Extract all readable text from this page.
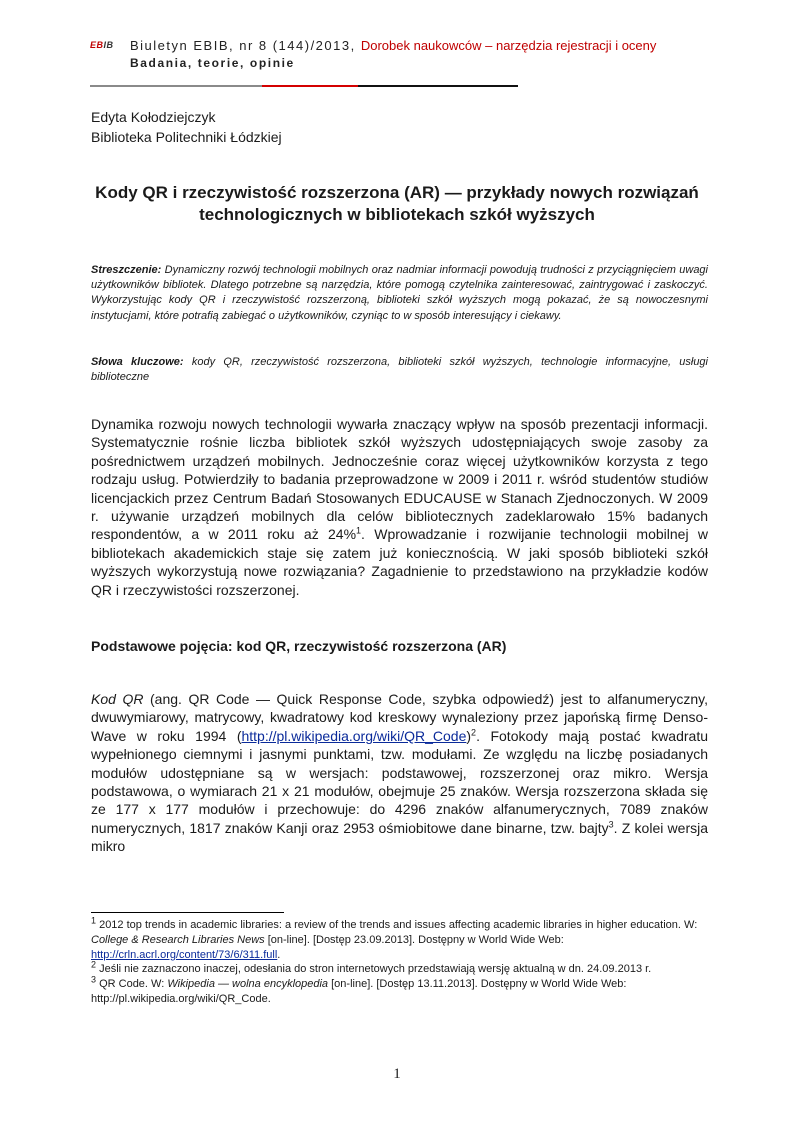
EBIB Biuletyn EBIB, nr 8 (144)/2013, Dorobek naukowców – narzędzia rejestracji i oceny
Badania, teorie, opinie
Edyta Kołodziejczyk
Biblioteka Politechniki Łódzkiej
Kody QR i rzeczywistość rozszerzona (AR) — przykłady nowych rozwiązań technologicznych w bibliotekach szkół wyższych
Streszczenie: Dynamiczny rozwój technologii mobilnych oraz nadmiar informacji powodują trudności z przyciągnięciem uwagi użytkowników bibliotek. Dlatego potrzebne są narzędzia, które pomogą czytelnika zainteresować, zaintrygować i zaskoczyć. Wykorzystując kody QR i rzeczywistość rozszerzoną, biblioteki szkół wyższych mogą pokazać, że są nowoczesnymi instytucjami, które potrafią zabiegać o użytkowników, czyniąc to w sposób interesujący i ciekawy.
Słowa kluczowe: kody QR, rzeczywistość rozszerzona, biblioteki szkół wyższych, technologie informacyjne, usługi biblioteczne
Dynamika rozwoju nowych technologii wywarła znaczący wpływ na sposób prezentacji informacji. Systematycznie rośnie liczba bibliotek szkół wyższych udostępniających swoje zasoby za pośrednictwem urządzeń mobilnych. Jednocześnie coraz więcej użytkowników korzysta z tego rodzaju usług. Potwierdziły to badania przeprowadzone w 2009 i 2011 r. wśród studentów studiów licencjackich przez Centrum Badań Stosowanych EDUCAUSE w Stanach Zjednoczonych. W 2009 r. używanie urządzeń mobilnych dla celów bibliotecznych zadeklarowało 15% badanych respondentów, a w 2011 roku aż 24%$^1$. Wprowadzanie i rozwijanie technologii mobilnej w bibliotekach akademickich staje się zatem już koniecznością. W jaki sposób biblioteki szkół wyższych wykorzystują nowe rozwiązania? Zagadnienie to przedstawiono na przykładzie kodów QR i rzeczywistości rozszerzonej.
Podstawowe pojęcia: kod QR, rzeczywistość rozszerzona (AR)
Kod QR (ang. QR Code — Quick Response Code, szybka odpowiedź) jest to alfanumeryczny, dwuwymiarowy, matrycowy, kwadratowy kod kreskowy wynaleziony przez japońską firmę Denso-Wave w roku 1994 (http://pl.wikipedia.org/wiki/QR_Code)$^2$. Fotokody mają postać kwadratu wypełnionego ciemnymi i jasnymi punktami, tzw. modułami. Ze względu na liczbę posiadanych modułów udostępniane są w wersjach: podstawowej, rozszerzonej oraz mikro. Wersja podstawowa, o wymiarach 21 x 21 modułów, obejmuje 25 znaków. Wersja rozszerzona składa się ze 177 x 177 modułów i przechowuje: do 4296 znaków alfanumerycznych, 7089 znaków numerycznych, 1817 znaków Kanji oraz 2953 ośmiobitowe dane binarne, tzw. bajty$^3$. Z kolei wersja mikro
$^1$ 2012 top trends in academic libraries: a review of the trends and issues affecting academic libraries in higher education. W: College & Research Libraries News [on-line]. [Dostęp 23.09.2013]. Dostępny w World Wide Web: http://crln.acrl.org/content/73/6/311.full.
$^2$ Jeśli nie zaznaczono inaczej, odesłania do stron internetowych przedstawiają wersję aktualną w dn. 24.09.2013 r.
$^3$ QR Code. W: Wikipedia — wolna encyklopedia [on-line]. [Dostęp 13.11.2013]. Dostępny w World Wide Web: http://pl.wikipedia.org/wiki/QR_Code.
1
